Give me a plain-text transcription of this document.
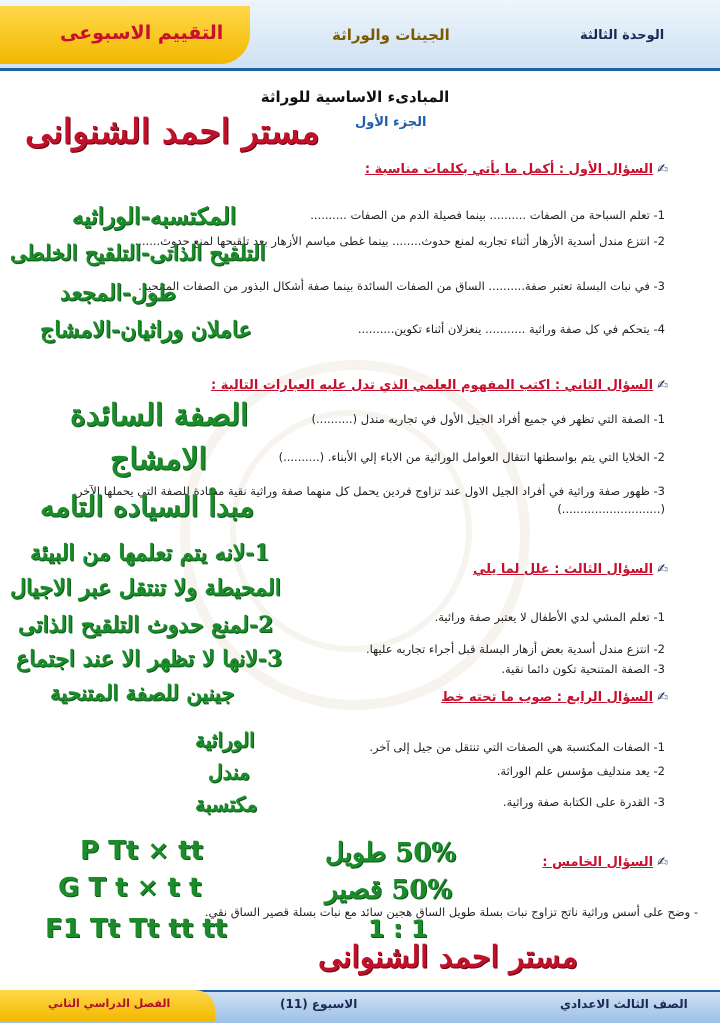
التقييم الاسبوعى	الجينات والوراثة	الوحدة الثالثة
المبادىء الاساسية للوراثة
الجزء الأول
مستر احمد الشنوانى
✍السؤال الأول : أكمل ما يأتي بكلمات مناسبة :
1- تعلم السباحة من الصفات .......... بينما فصيلة الدم من الصفات ..........
2- انتزع مندل أسدية الأزهار أثناء تجاربه لمنع حدوث........ بينما غطى مياسم الأزهار بعد تلقيحها لمنع حدوث.......
3- في نبات البسلة تعتبر صفة.......... الساق من الصفات السائدة بينما صفة أشكال البذور من الصفات المتنحية.
4- يتحكم في كل صفة وراثية ........... ينعزلان أثناء تكوين..........
المكتسبه-الوراثيه
التلقيح الذاتى-التلقيح الخلطى
طول-المجعد
عاملان وراثيان-الامشاج
✍السؤال الثاني : اكتب المفهوم العلمي الذي تدل عليه العبارات التالية :
1- الصفة التي تظهر في جميع أفراد الجيل الأول في تجاربه مندل (..........)
2- الخلايا التي يتم بواسطتها انتقال العوامل الوراثية من الاباء إلي الأبناء. (..........)
3- ظهور صفة وراثية في أفراد الجيل الاول عند تزاوج فردين يحمل كل منهما صفة وراثية نقية مضادة للصفة التي يحملها الآخر. (...........................)
الصفة السائدة
الامشاج
مبدأ السياده التامه
✍السؤال الثالث : علل لما يلي
1- تعلم المشي لدي الأطفال لا يعتبر صفة وراثية.
2- انتزع مندل أسدية بعض أزهار البسلة قبل أجراء تجاربه عليها.
3- الصفة المتنحية تكون دائما نقية.
1-لانه يتم تعلمها من البيئة
المحيطة ولا تنتقل عبر الاجيال
2-لمنع حدوث التلقيح الذاتى
3-لانها لا تظهر الا عند اجتماع
جينين للصفة المتنحية	✍السؤال الرابع : صوب ما تحته خط
1- الصفات المكتسبة هي الصفات التي تنتقل من جيل إلى آخر.
2- يعد مندليف مؤسس علم الوراثة.
3- القدرة على الكتابة صفة وراثية.
الوراثية
مندل
مكتسبة
✍السؤال الخامس :
- وضح على أسس وراثية ناتج تزاوج نبات بسلة طويل الساق هجين سائد مع نبات بسلة قصير الساق نقي.
P Tt × tt
G T t × t t
F1 Tt Tt tt tt
50% طويل
50% قصير
1 : 1
مستر احمد الشنوانى
الفصل الدراسي الثاني	الاسبوع (11)	الصف الثالث الاعدادي
